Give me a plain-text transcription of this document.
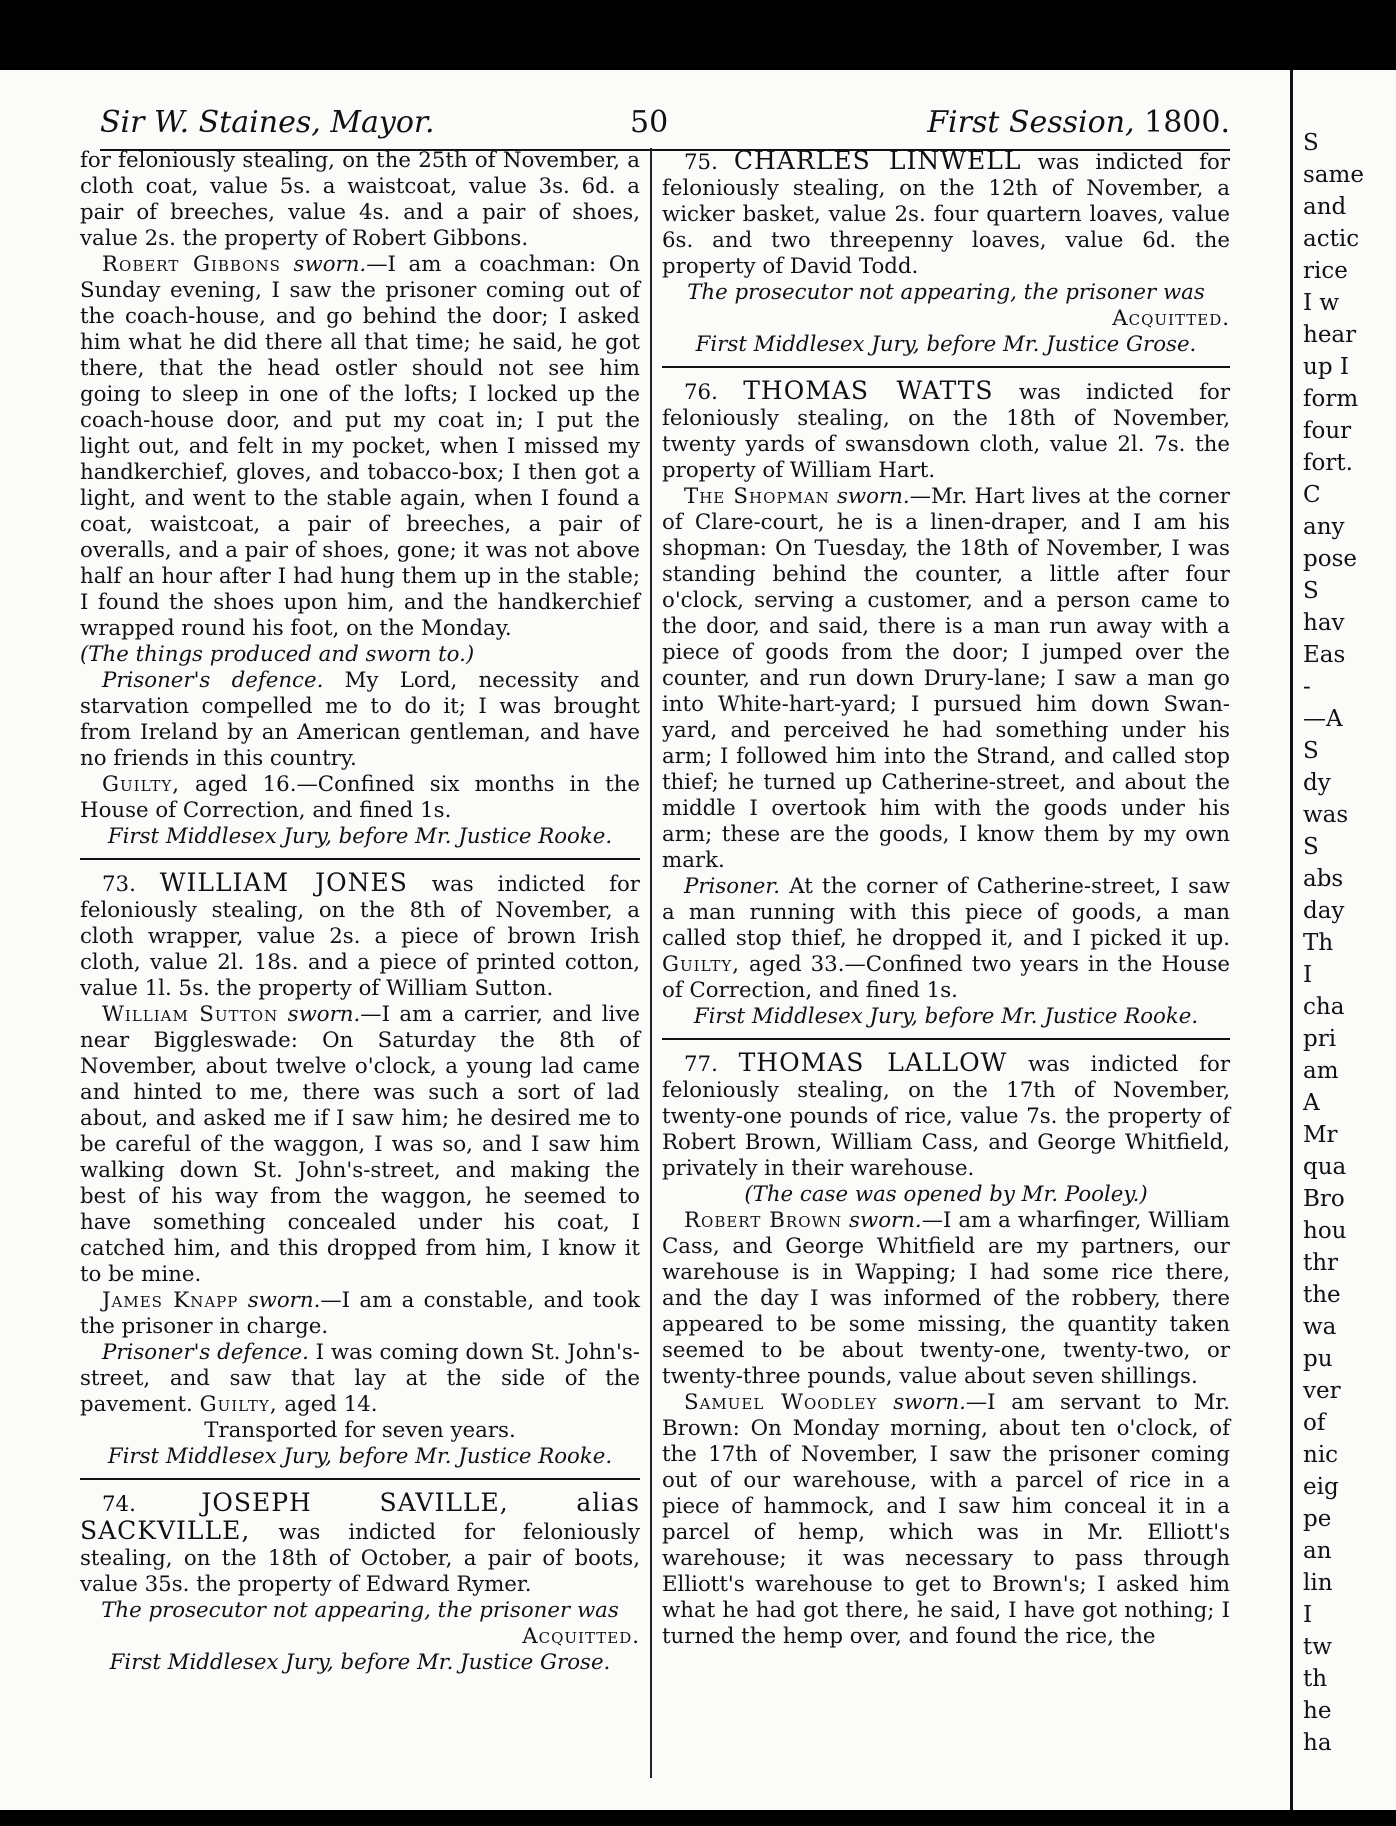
Sir W. Staines, Mayor.	50	First Session, 1800.

for feloniously stealing, on the 25th of November, a cloth coat, value 5s. a waistcoat, value 3s. 6d. a pair of breeches, value 4s. and a pair of shoes, value 2s. the property of Robert Gibbons.

Robert Gibbons sworn.—I am a coachman: On Sunday evening, I saw the prisoner coming out of the coach-house, and go behind the door; I asked him what he did there all that time; he said, he got there, that the head ostler should not see him going to sleep in one of the lofts; I locked up the coach-house door, and put my coat in; I put the light out, and felt in my pocket, when I missed my handkerchief, gloves, and tobacco-box; I then got a light, and went to the stable again, when I found a coat, waistcoat, a pair of breeches, a pair of overalls, and a pair of shoes, gone; it was not above half an hour after I had hung them up in the stable; I found the shoes upon him, and the handkerchief wrapped round his foot, on the Monday.

(The things produced and sworn to.)

Prisoner's defence. My Lord, necessity and starvation compelled me to do it; I was brought from Ireland by an American gentleman, and have no friends in this country.

Guilty, aged 16.—Confined six months in the House of Correction, and fined 1s.

First Middlesex Jury, before Mr. Justice Rooke.

73. WILLIAM JONES was indicted for feloniously stealing, on the 8th of November, a cloth wrapper, value 2s. a piece of brown Irish cloth, value 2l. 18s. and a piece of printed cotton, value 1l. 5s. the property of William Sutton.

William Sutton sworn.—I am a carrier, and live near Biggleswade: On Saturday the 8th of November, about twelve o'clock, a young lad came and hinted to me, there was such a sort of lad about, and asked me if I saw him; he desired me to be careful of the waggon, I was so, and I saw him walking down St. John's-street, and making the best of his way from the waggon, he seemed to have something concealed under his coat, I catched him, and this dropped from him, I know it to be mine.

James Knapp sworn.—I am a constable, and took the prisoner in charge.

Prisoner's defence. I was coming down St. John's-street, and saw that lay at the side of the pavement. Guilty, aged 14.

Transported for seven years.

First Middlesex Jury, before Mr. Justice Rooke.

74.	JOSEPH SAVILLE, alias SACKVILLE, was indicted for feloniously stealing, on the 18th of October, a pair of boots, value 35s. the property of Edward Rymer.

The prosecutor not appearing, the prisoner was

Acquitted.

First Middlesex Jury, before Mr. Justice Grose.

75. CHARLES LINWELL was indicted for feloniously stealing, on the 12th of November, a wicker basket, value 2s. four quartern loaves, value 6s. and two threepenny loaves, value 6d. the property of David Todd.

The prosecutor not appearing, the prisoner was

Acquitted.

First Middlesex Jury, before Mr. Justice Grose.

76. THOMAS WATTS was indicted for feloniously stealing, on the 18th of November, twenty yards of swansdown cloth, value 2l. 7s. the property of William Hart.

The Shopman sworn.—Mr. Hart lives at the corner of Clare-court, he is a linen-draper, and I am his shopman: On Tuesday, the 18th of November, I was standing behind the counter, a little after four o'clock, serving a customer, and a person came to the door, and said, there is a man run away with a piece of goods from the door; I jumped over the counter, and run down Drury-lane; I saw a man go into White-hart-yard; I pursued him down Swan-yard, and perceived he had something under his arm; I followed him into the Strand, and called stop thief; he turned up Catherine-street, and about the middle I overtook him with the goods under his arm; these are the goods, I know them by my own mark.

Prisoner. At the corner of Catherine-street, I saw a man running with this piece of goods, a man called stop thief, he dropped it, and I picked it up. Guilty, aged 33.—Confined two years in the House of Correction, and fined 1s.

First Middlesex Jury, before Mr. Justice Rooke.

77. THOMAS LALLOW was indicted for feloniously stealing, on the 17th of November, twenty-one pounds of rice, value 7s. the property of Robert Brown, William Cass, and George Whitfield, privately in their warehouse.

(The case was opened by Mr. Pooley.)

Robert Brown sworn.—I am a wharfinger, William Cass, and George Whitfield are my partners, our warehouse is in Wapping; I had some rice there, and the day I was informed of the robbery, there appeared to be some missing, the quantity taken seemed to be about twenty-one, twenty-two, or twenty-three pounds, value about seven shillings.

Samuel Woodley sworn.—I am servant to Mr. Brown: On Monday morning, about ten o'clock, of the 17th of November, I saw the prisoner coming out of our warehouse, with a parcel of rice in a piece of hammock, and I saw him conceal it in a parcel of hemp, which was in Mr. Elliott's warehouse; it was necessary to pass through Elliott's warehouse to get to Brown's; I asked him what he had got there, he said, I have got nothing; I turned the hemp over, and found the rice, the

S
same
and
actic
rice
I w
hear
up I
form
four
fort.
C
any
pose
S
hav
Eas
-
—A
S
dy
was
S
abs
day
Th
I
cha
pri
am
A
Mr
qua
Bro
hou
thr
the
wa
pu
ver
of
nic
eig
pe
an
lin
I
tw
th
he
ha
